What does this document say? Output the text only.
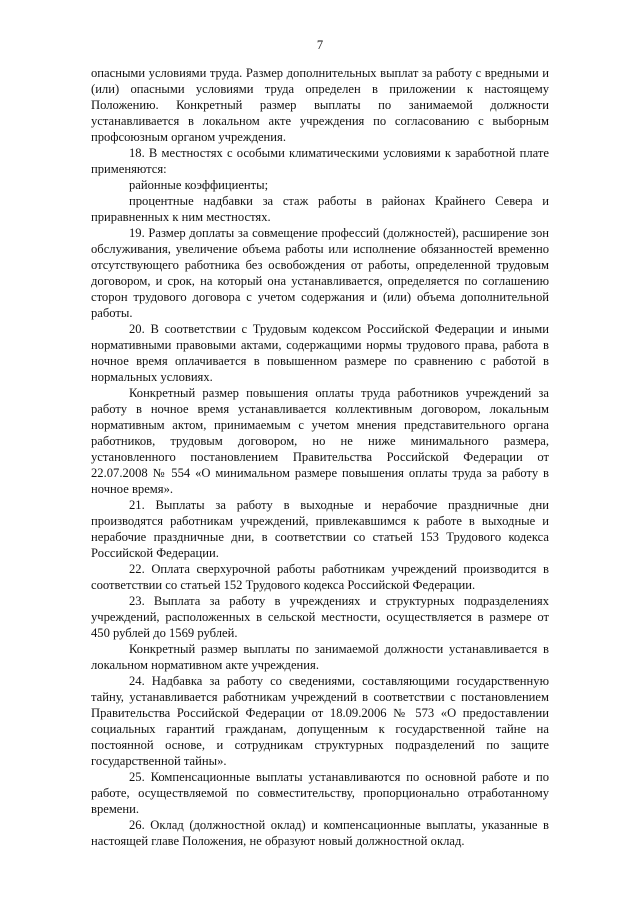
7

опасными условиями труда. Размер дополнительных выплат за работу с вредными и (или) опасными условиями труда определен в приложении к настоящему Положению. Конкретный размер выплаты по занимаемой должности устанавливается в локальном акте учреждения по согласованию с выборным профсоюзным органом учреждения.

18. В местностях с особыми климатическими условиями к заработной плате применяются:

районные коэффициенты;

процентные надбавки за стаж работы в районах Крайнего Севера и приравненных к ним местностях.

19. Размер доплаты за совмещение профессий (должностей), расширение зон обслуживания, увеличение объема работы или исполнение обязанностей временно отсутствующего работника без освобождения от работы, определенной трудовым договором, и срок, на который она устанавливается, определяется по соглашению сторон трудового договора с учетом содержания и (или) объема дополнительной работы.

20. В соответствии с Трудовым кодексом Российской Федерации и иными нормативными правовыми актами, содержащими нормы трудового права, работа в ночное время оплачивается в повышенном размере по сравнению с работой в нормальных условиях.

Конкретный размер повышения оплаты труда работников учреждений за работу в ночное время устанавливается коллективным договором, локальным нормативным актом, принимаемым с учетом мнения представительного органа работников, трудовым договором, но не ниже минимального размера, установленного постановлением Правительства Российской Федерации от 22.07.2008 № 554 «О минимальном размере повышения оплаты труда за работу в ночное время».

21. Выплаты за работу в выходные и нерабочие праздничные дни производятся работникам учреждений, привлекавшимся к работе в выходные и нерабочие праздничные дни, в соответствии со статьей 153 Трудового кодекса Российской Федерации.

22. Оплата сверхурочной работы работникам учреждений производится в соответствии со статьей 152 Трудового кодекса Российской Федерации.

23. Выплата за работу в учреждениях и структурных подразделениях учреждений, расположенных в сельской местности, осуществляется в размере от 450 рублей до 1569 рублей.

Конкретный размер выплаты по занимаемой должности устанавливается в локальном нормативном акте учреждения.

24. Надбавка за работу со сведениями, составляющими государственную тайну, устанавливается работникам учреждений в соответствии с постановлением Правительства Российской Федерации от 18.09.2006 № 573 «О предоставлении социальных гарантий гражданам, допущенным к государственной тайне на постоянной основе, и сотрудникам структурных подразделений по защите государственной тайны».

25. Компенсационные выплаты устанавливаются по основной работе и по работе, осуществляемой по совместительству, пропорционально отработанному времени.

26. Оклад (должностной оклад) и компенсационные выплаты, указанные в настоящей главе Положения, не образуют новый должностной оклад.
